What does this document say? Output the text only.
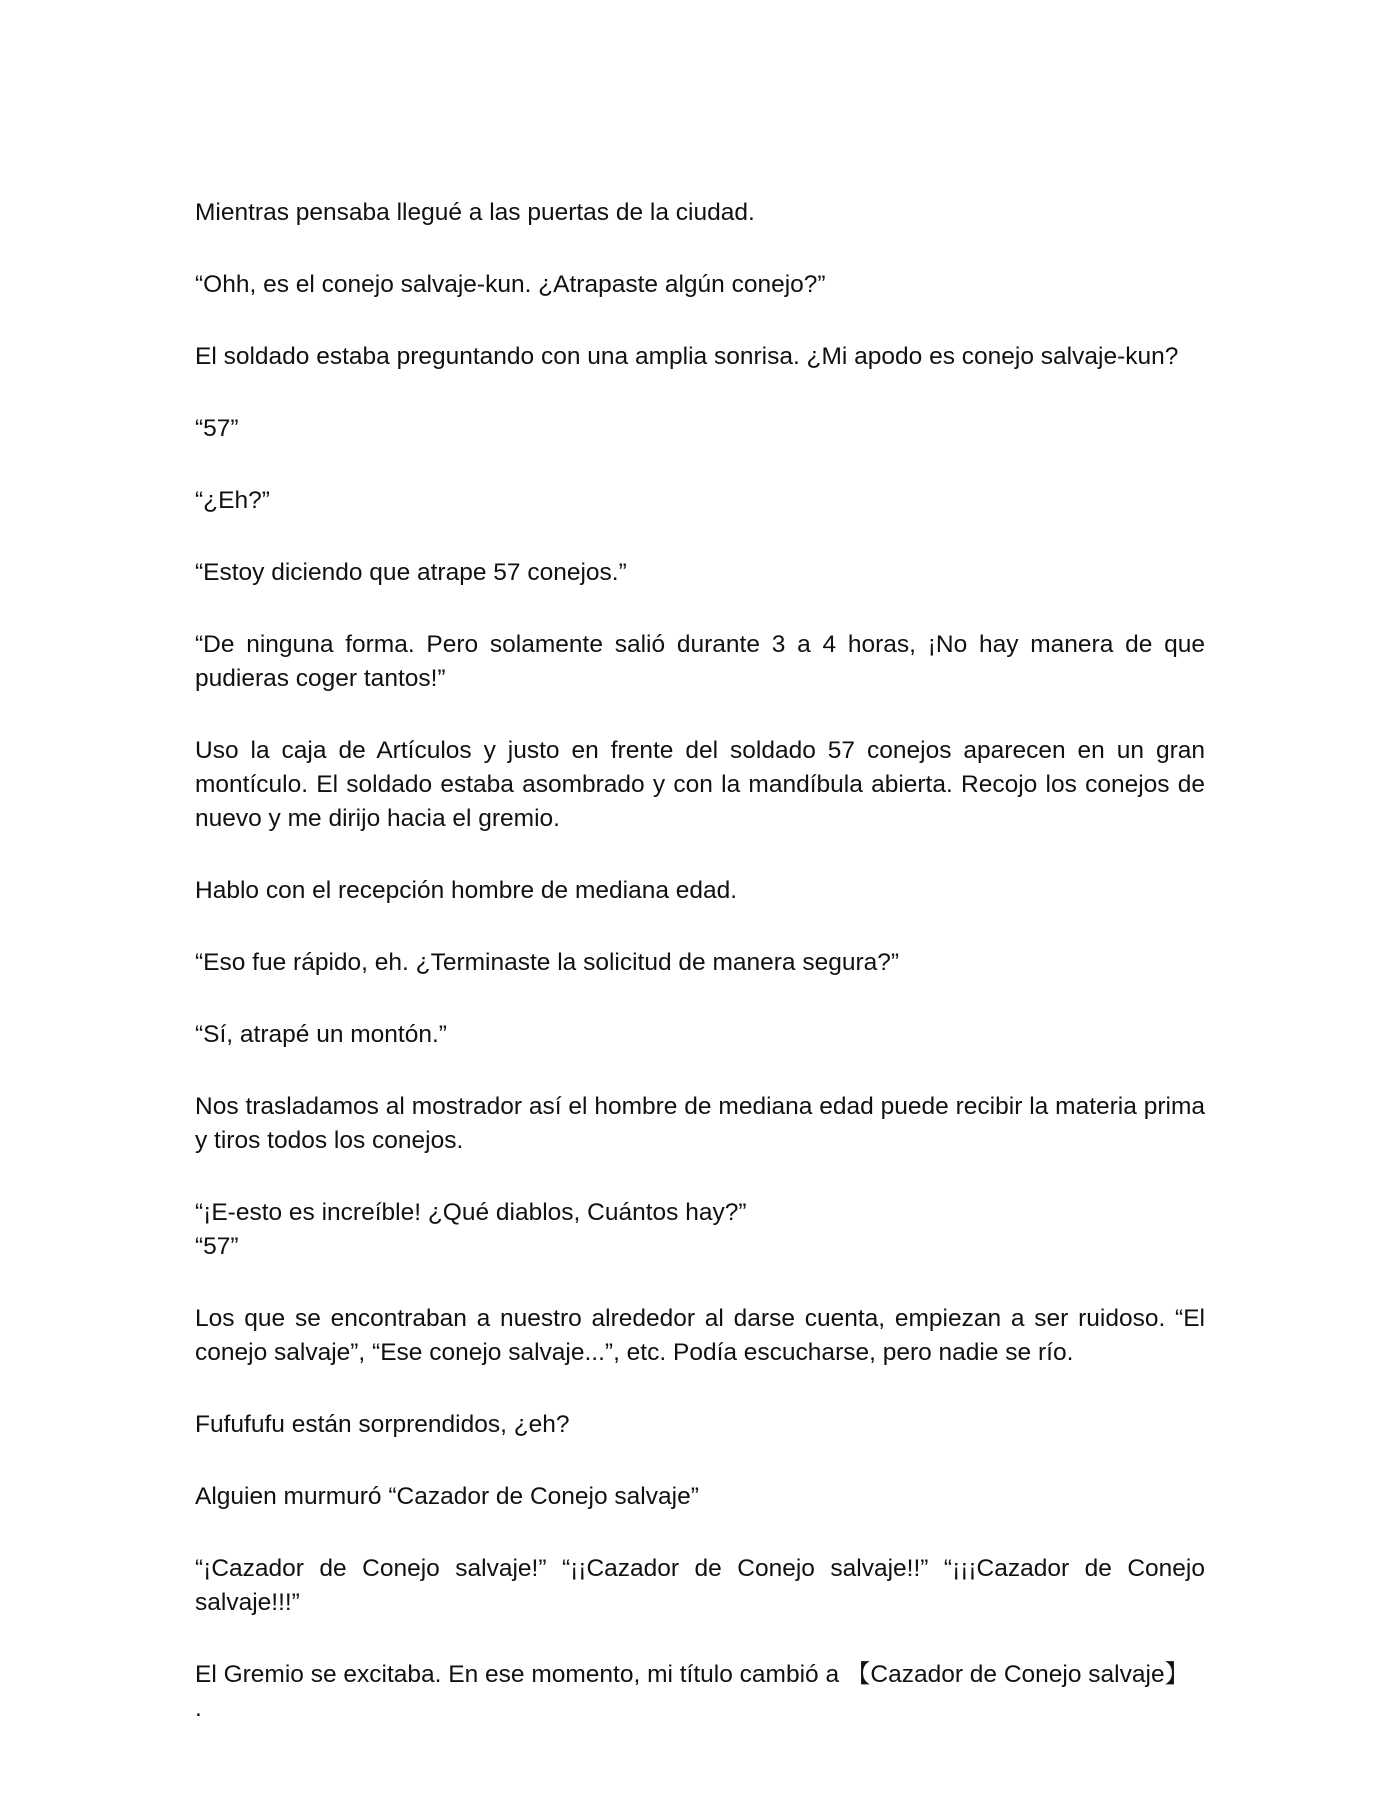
Mientras pensaba llegué a las puertas de la ciudad.

“Ohh, es el conejo salvaje-kun. ¿Atrapaste algún conejo?”

El soldado estaba preguntando con una amplia sonrisa. ¿Mi apodo es conejo salvaje-kun?

“57”

“¿Eh?”

“Estoy diciendo que atrape 57 conejos.”

“De ninguna forma. Pero solamente salió durante 3 a 4 horas, ¡No hay manera de que pudieras coger tantos!”

Uso la caja de Artículos y justo en frente del soldado 57 conejos aparecen en un gran montículo. El soldado estaba asombrado y con la mandíbula abierta. Recojo los conejos de nuevo y me dirijo hacia el gremio.

Hablo con el recepción hombre de mediana edad.

“Eso fue rápido, eh. ¿Terminaste la solicitud de manera segura?”

“Sí, atrapé un montón.”

Nos trasladamos al mostrador así el hombre de mediana edad puede recibir la materia prima y tiros todos los conejos.

“¡E-esto es increíble! ¿Qué diablos, Cuántos hay?”
“57”

Los que se encontraban a nuestro alrededor al darse cuenta, empiezan a ser ruidoso. “El conejo salvaje”, “Ese conejo salvaje...”, etc. Podía escucharse, pero nadie se río.

Fufufufu están sorprendidos, ¿eh?

Alguien murmuró “Cazador de Conejo salvaje”

“¡Cazador de Conejo salvaje!” “¡¡Cazador de Conejo salvaje!!” “¡¡¡Cazador de Conejo salvaje!!!”

El Gremio se excitaba. En ese momento, mi título cambió a 【Cazador de Conejo salvaje】
.
